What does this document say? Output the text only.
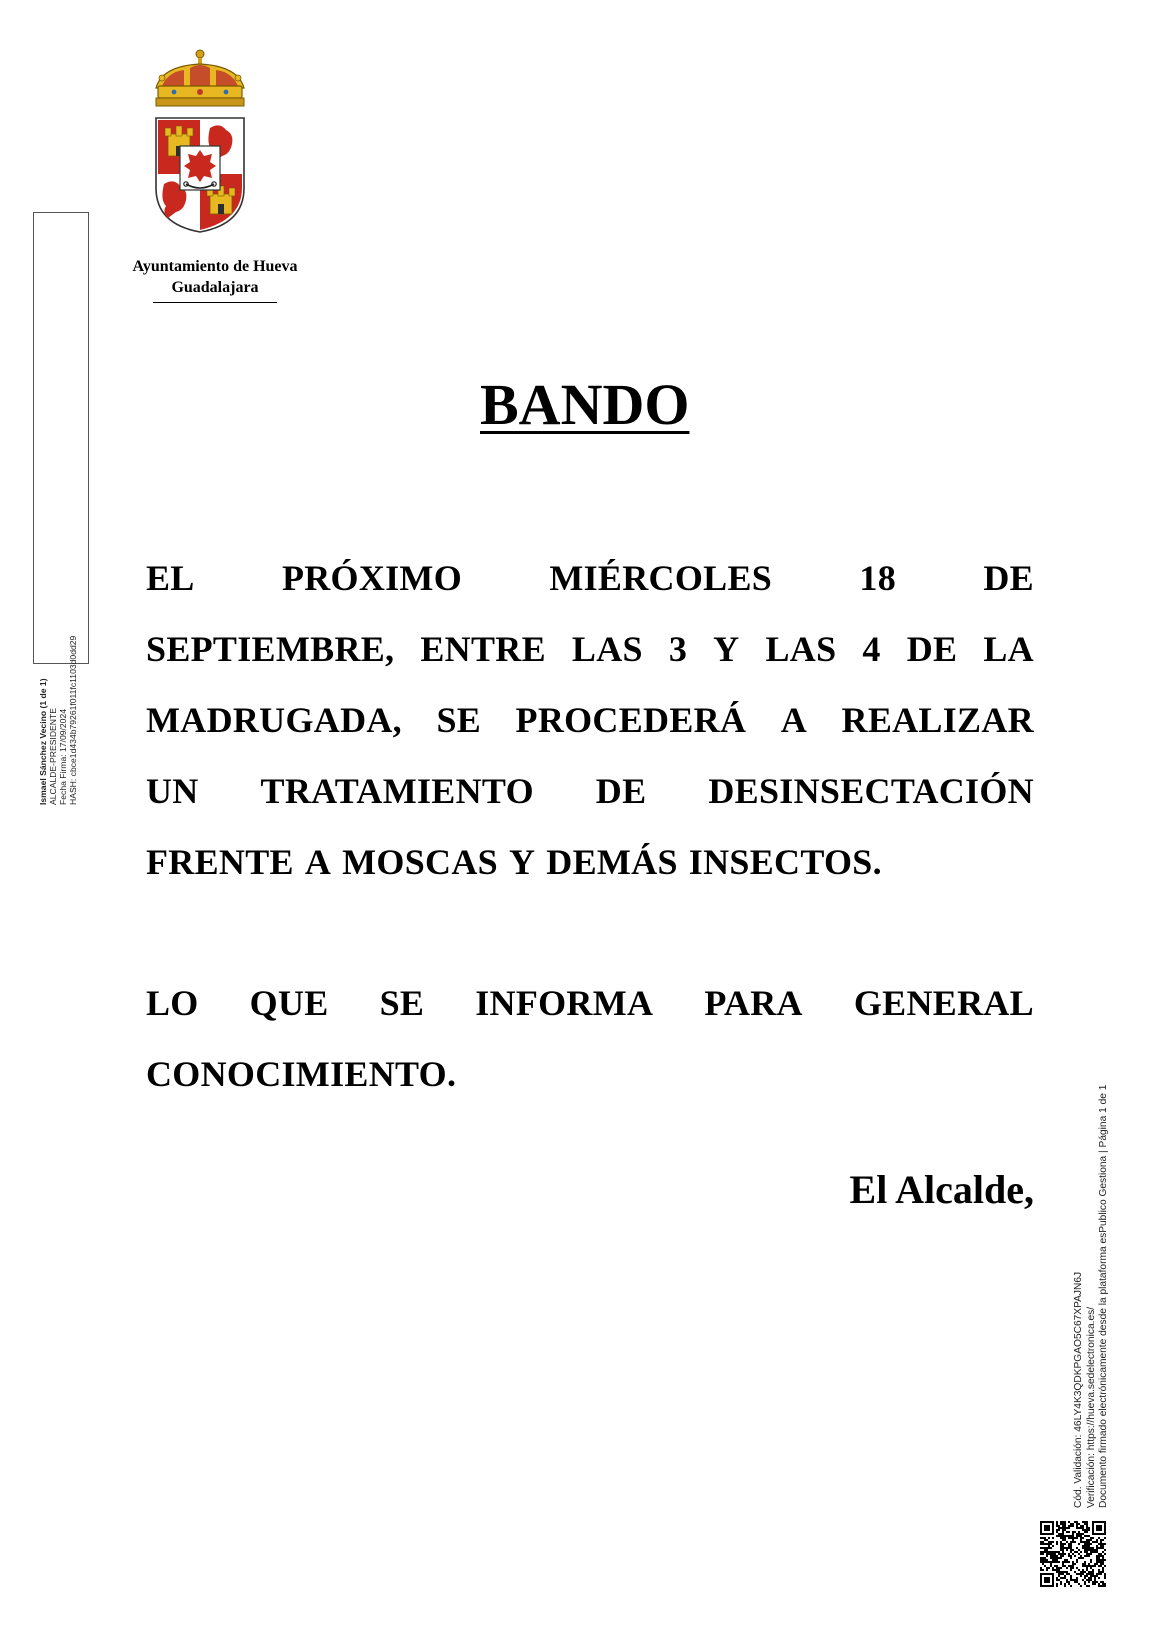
Ayuntamiento de Hueva
Guadalajara
Ismael Sánchez Vecino (1 de 1) ALCALDE-PRESIDENTE Fecha Firma: 17/09/2024 HASH: cbce1d434b79261f011fc1103d0dd29
BANDO
EL PRÓXIMO MIÉRCOLES 18 DE
SEPTIEMBRE, ENTRE LAS 3 Y LAS 4 DE LA
MADRUGADA, SE PROCEDERÁ A REALIZAR
UN TRATAMIENTO DE DESINSECTACIÓN
FRENTE A MOSCAS Y DEMÁS INSECTOS.
LO QUE SE INFORMA PARA GENERAL
CONOCIMIENTO.
El Alcalde,
Cód. Validación: 46LY4K3QDKPGAO5C67XPAJN6J Verificación: https://hueva.sedelectronica.es/ Documento firmado electrónicamente desde la plataforma esPublico Gestiona | Página 1 de 1
